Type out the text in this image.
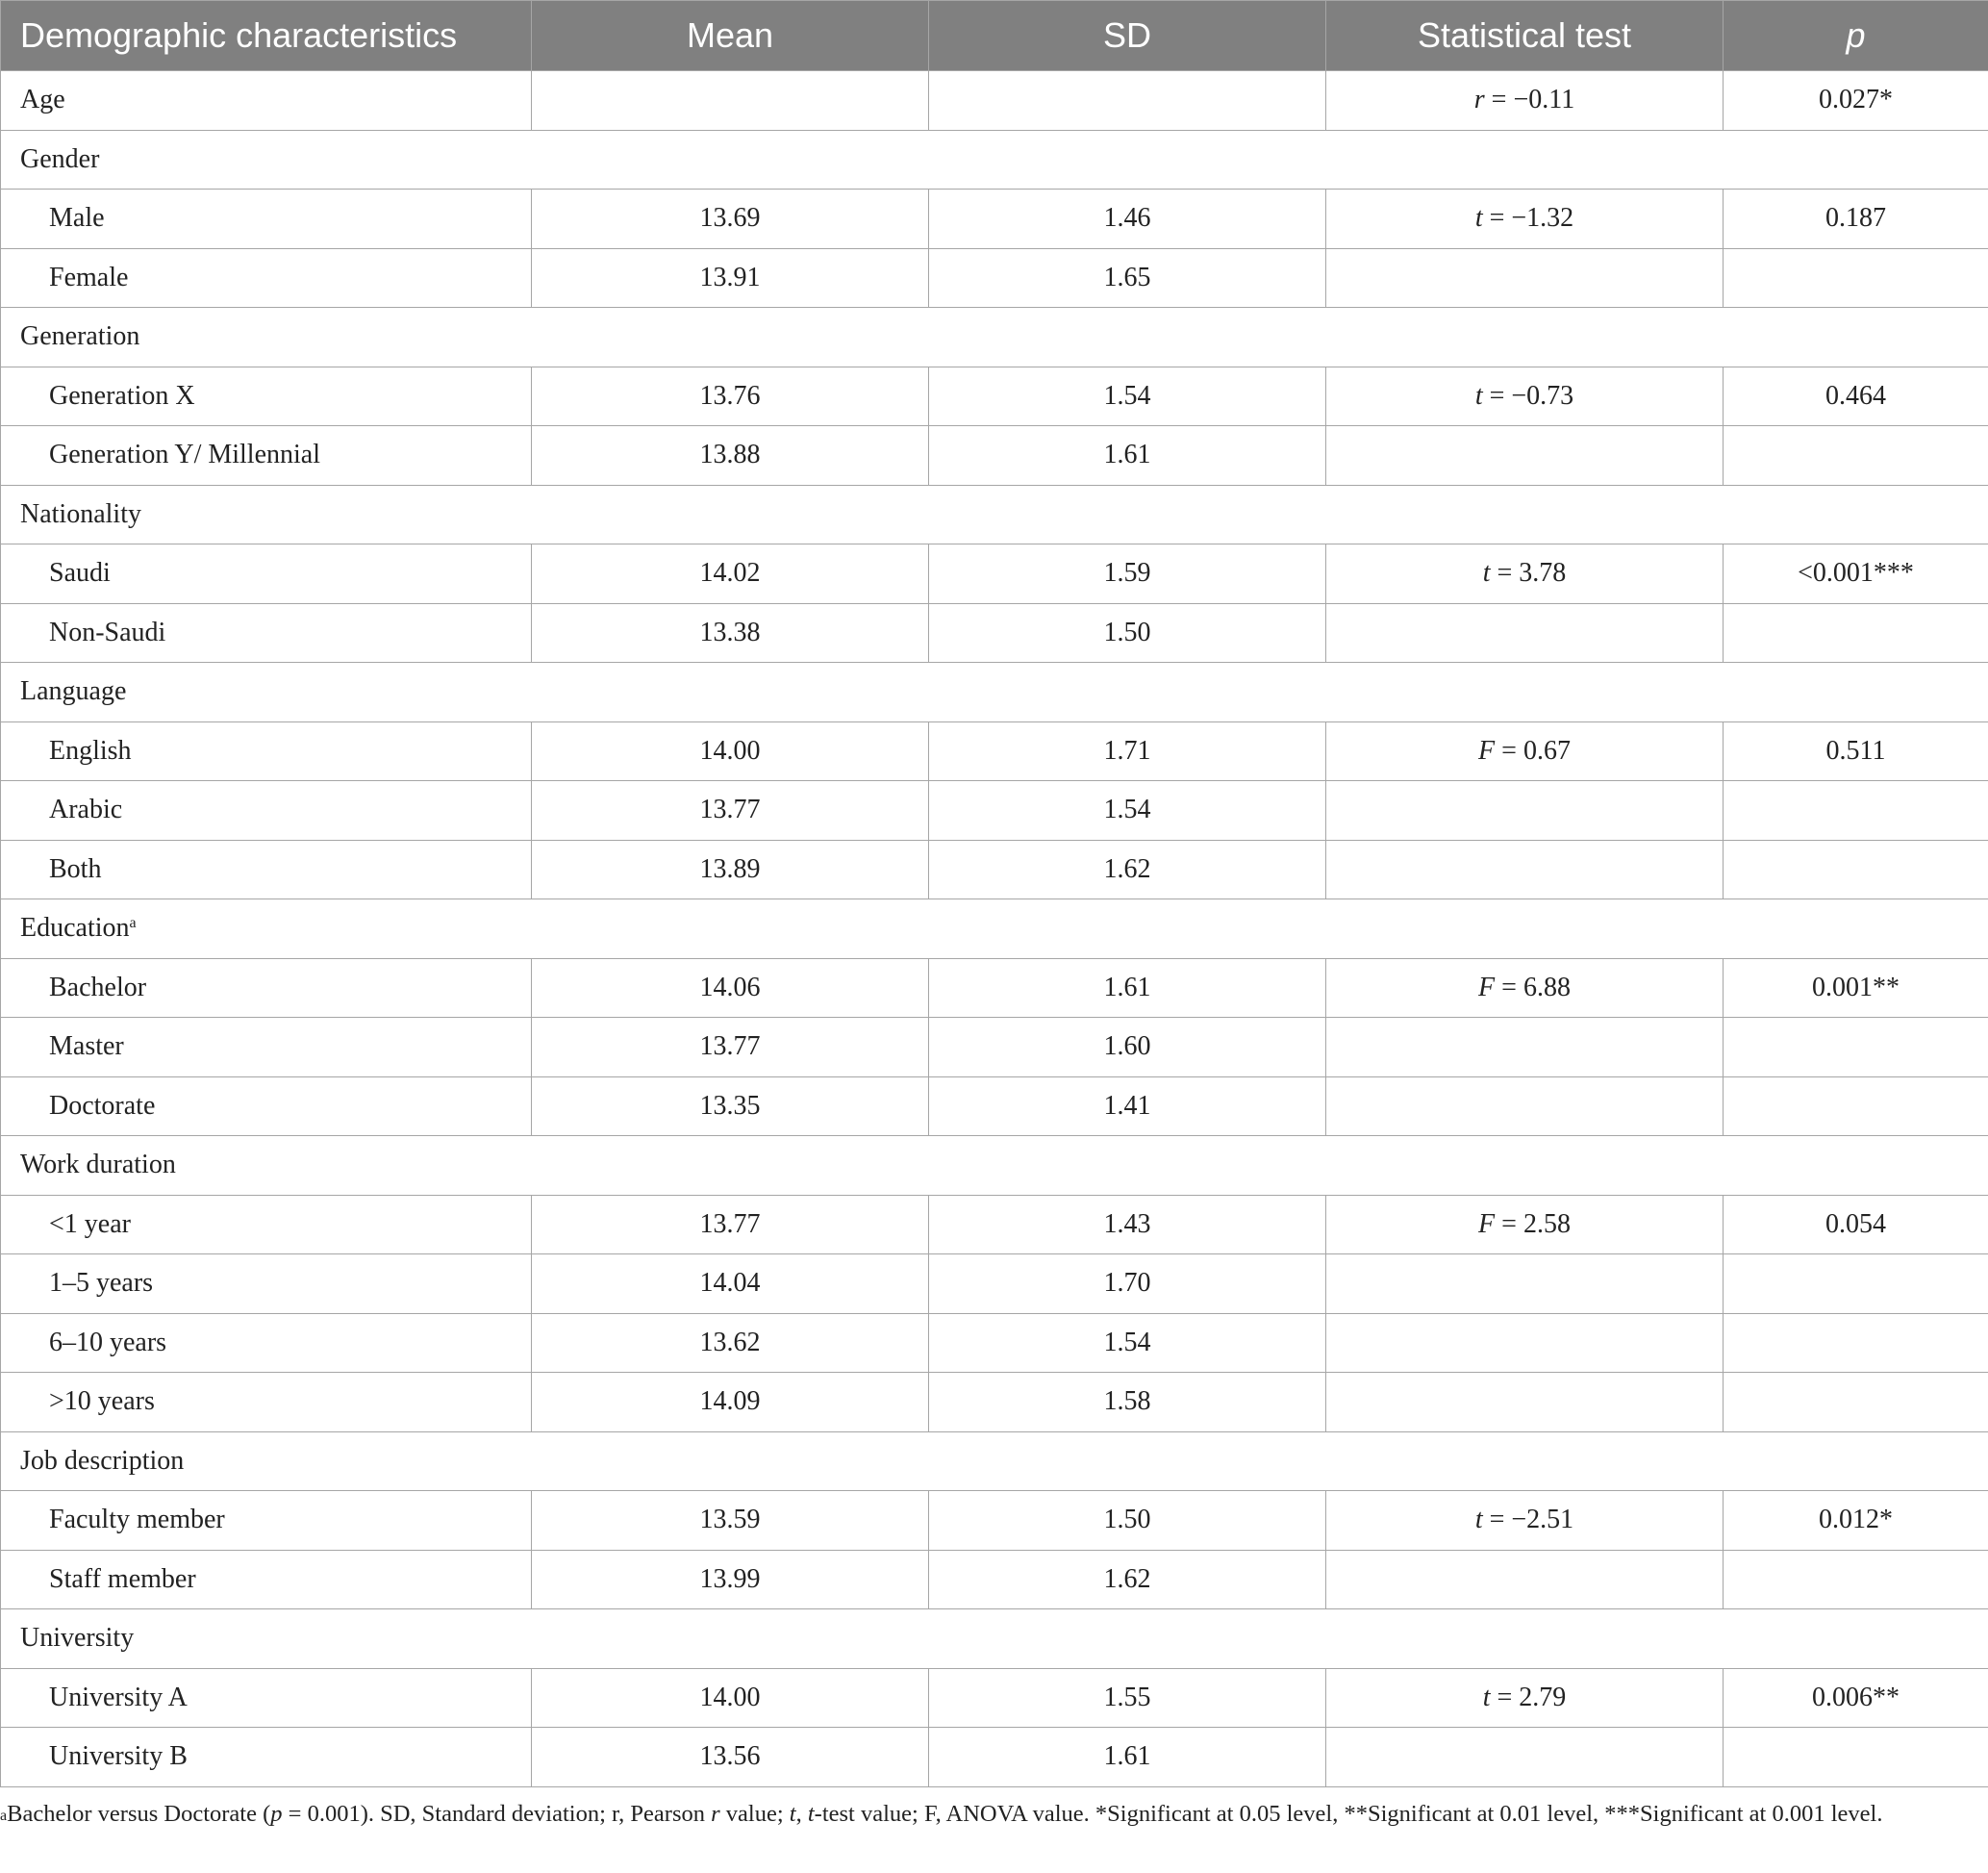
Demographic characteristics	Mean	SD	Statistical test	p
Age			r = −0.11	0.027*
Gender				
Male	13.69	1.46	t = −1.32	0.187
Female	13.91	1.65		
Generation				
Generation X	13.76	1.54	t = −0.73	0.464
Generation Y/ Millennial	13.88	1.61		
Nationality				
Saudi	14.02	1.59	t = 3.78	<0.001***
Non-Saudi	13.38	1.50		
Language				
English	14.00	1.71	F = 0.67	0.511
Arabic	13.77	1.54		
Both	13.89	1.62		
Education$^a$
Bachelor	14.06	1.61	F = 6.88	0.001**
Master	13.77	1.60		
Doctorate	13.35	1.41		
Work duration				
<1 year	13.77	1.43	F = 2.58	0.054
1–5 years	14.04	1.70		
6–10 years	13.62	1.54		
>10 years	14.09	1.58		
Job description				
Faculty member	13.59	1.50	t = −2.51	0.012*
Staff member	13.99	1.62		
University				
University A	14.00	1.55	t = 2.79	0.006**
University B	13.56	1.61		
$^a$Bachelor versus Doctorate (p = 0.001). SD, Standard deviation; r, Pearson r value; t, t-test value; F, ANOVA value. *Significant at 0.05 level, **Significant at 0.01 level, ***Significant at 0.001 level.
